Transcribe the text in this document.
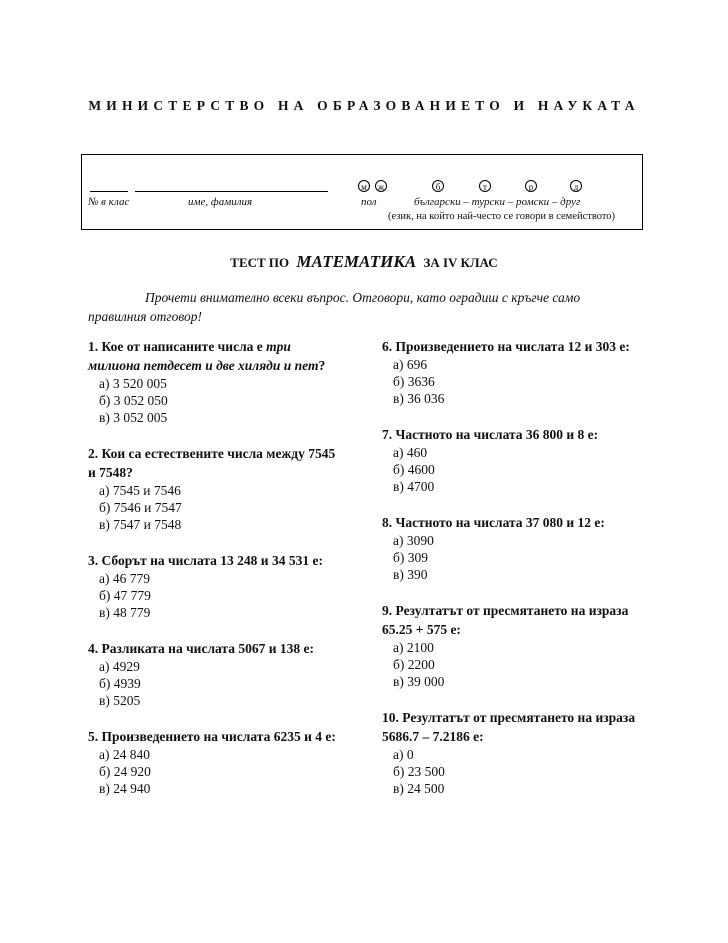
МИНИСТЕРСТВО НА ОБРАЗОВАНИЕТО И НАУКАТА
№ в клас	име, фамилия
м	ж
пол
б	т	р	д
български – турски – ромски – друг
(език, на който най-често се говори в семейството)
ТЕСТ ПО МАТЕМАТИКА ЗА IV КЛАС

Прочети внимателно всеки въпрос. Отговори, като оградиш с кръгче само правилния отговор!

1. Кое от написаните числа е три милиона петдесет и две хиляди и пет?
а) 3 520 005
б) 3 052 050
в) 3 052 005
2. Кои са естествените числа между 7545 и 7548?
а) 7545 и 7546
б) 7546 и 7547
в) 7547 и 7548
3. Сборът на числата 13 248 и 34 531 е:
а) 46 779
б) 47 779
в) 48 779
4. Разликата на числата 5067 и 138 е:
а) 4929
б) 4939
в) 5205
5. Произведението на числата 6235 и 4 е:
а) 24 840
б) 24 920
в) 24 940
6. Произведението на числата 12 и 303 е:
а) 696
б) 3636
в) 36 036
7. Частното на числата 36 800 и 8 е:
а) 460
б) 4600
в) 4700
8. Частното на числата 37 080 и 12 е:
а) 3090
б) 309
в) 390
9. Резултатът от пресмятането на израза 65.25 + 575 е:
а) 2100
б) 2200
в) 39 000
10. Резултатът от пресмятането на израза 5686.7 – 7.2186 е:
а) 0
б) 23 500
в) 24 500
